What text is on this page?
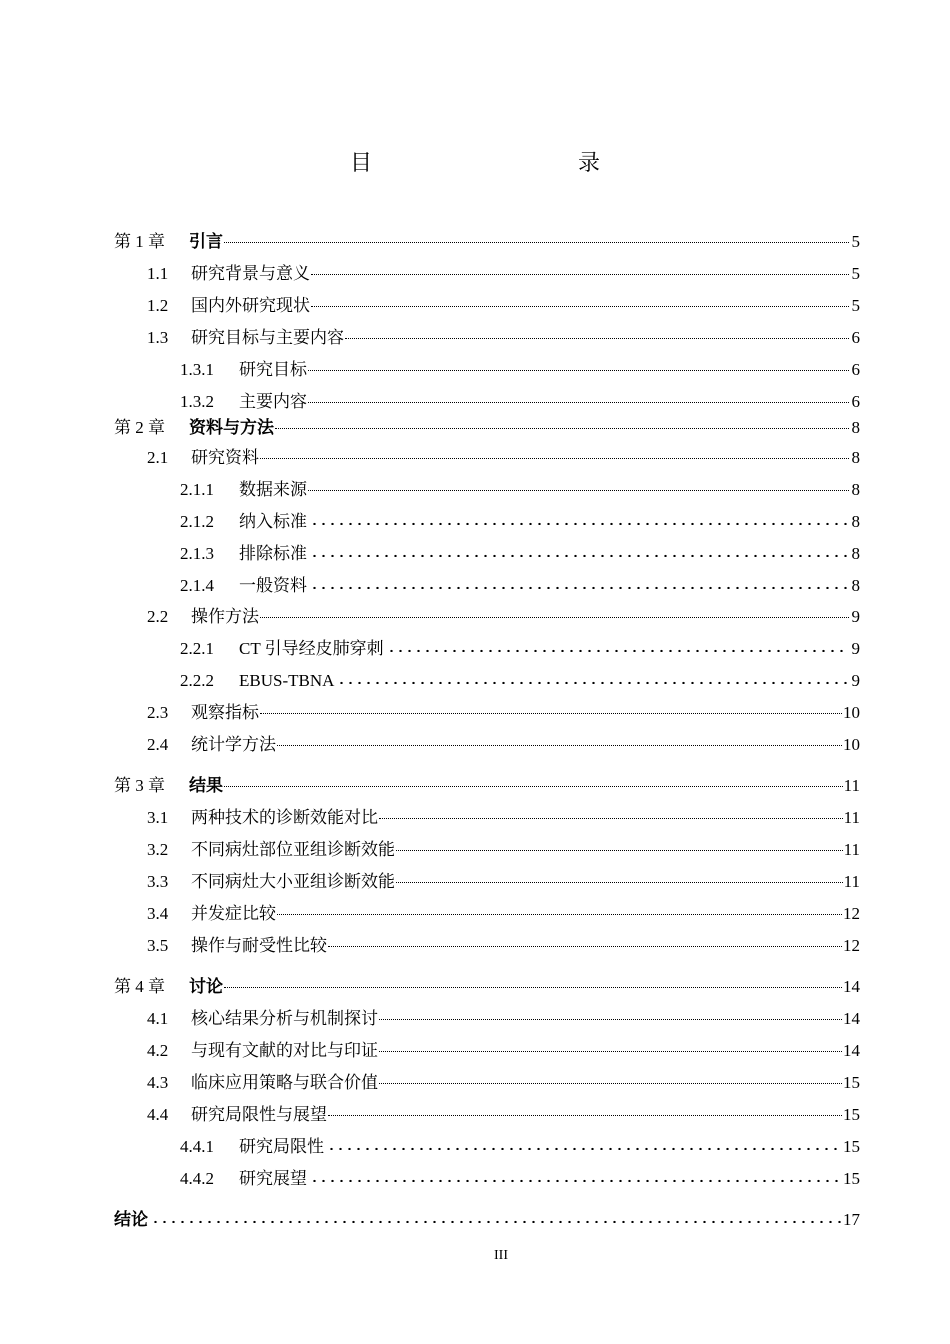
目　　录
第 1 章 引言	5
1.1 研究背景与意义	5
1.2 国内外研究现状	5
1.3 研究目标与主要内容	6
1.3.1 研究目标	6
1.3.2 主要内容	6
第 2 章 资料与方法	8
2.1 研究资料	8
2.1.1 数据来源	8
2.1.2 纳入标准	8
2.1.3 排除标准	8
2.1.4 一般资料	8
2.2 操作方法	9
2.2.1 CT 引导经皮肺穿刺	9
2.2.2 EBUS-TBNA	9
2.3 观察指标	10
2.4 统计学方法	10
第 3 章 结果	11
3.1 两种技术的诊断效能对比	11
3.2 不同病灶部位亚组诊断效能	11
3.3 不同病灶大小亚组诊断效能	11
3.4 并发症比较	12
3.5 操作与耐受性比较	12
第 4 章 讨论	14
4.1 核心结果分析与机制探讨	14
4.2 与现有文献的对比与印证	14
4.3 临床应用策略与联合价值	15
4.4 研究局限性与展望	15
4.4.1 研究局限性	15
4.4.2 研究展望	15
结论	17
III
